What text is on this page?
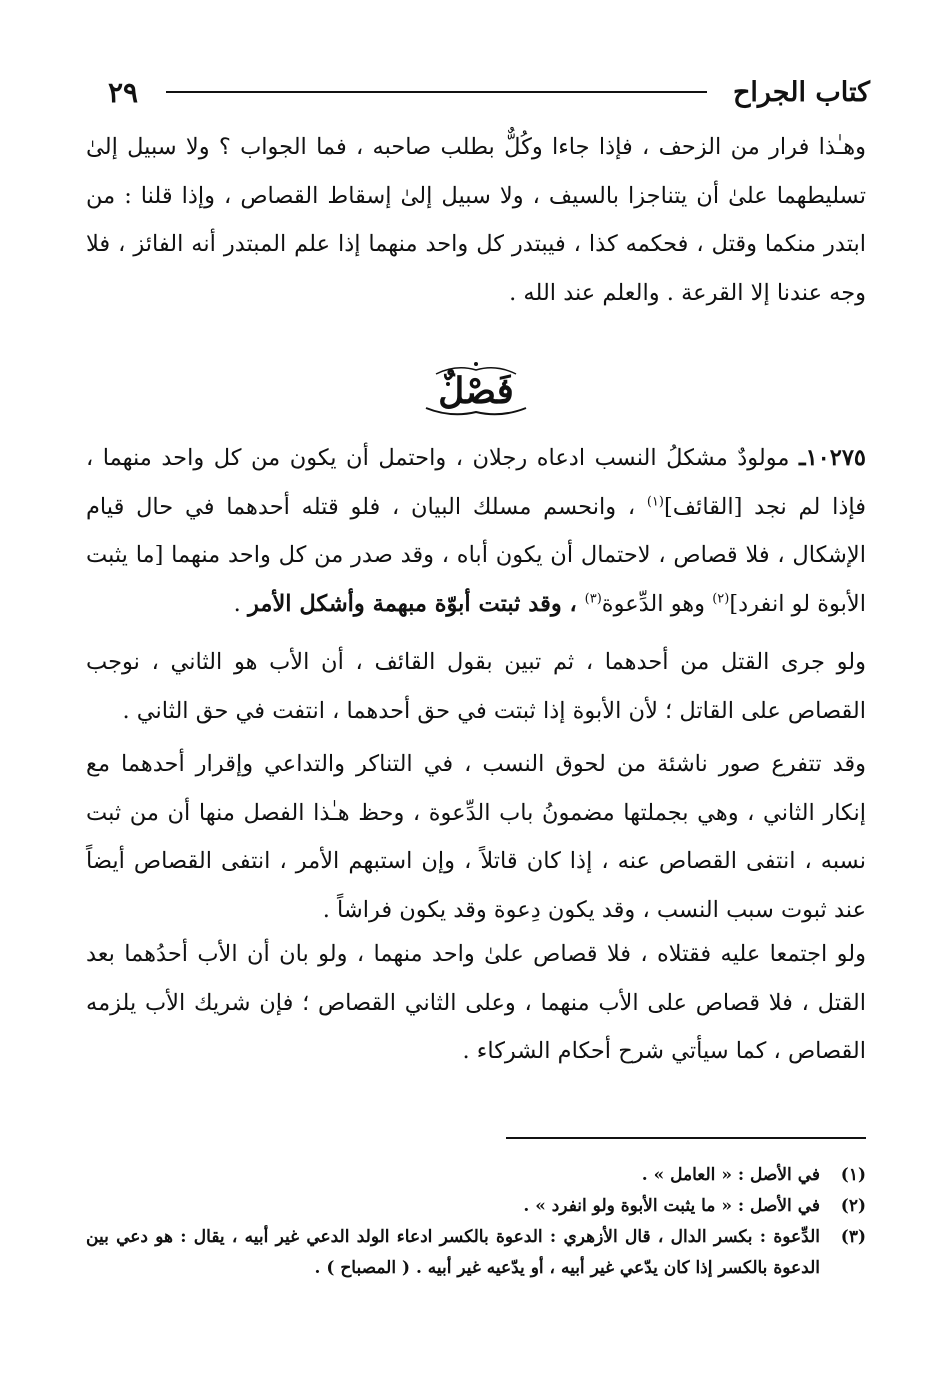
كتاب الجراح
٢٩

وهـٰذا فرار من الزحف ، فإذا جاءا وكُلٌّ بطلب صاحبه ، فما الجواب ؟ ولا سبيل إلىٰ تسليطهما علىٰ أن يتناجزا بالسيف ، ولا سبيل إلىٰ إسقاط القصاص ، وإذا قلنا : من ابتدر منكما وقتل ، فحكمه كذا ، فيبتدر كل واحد منهما إذا علم المبتدر أنه الفائز ، فلا وجه عندنا إلا القرعة . والعلم عند الله .

فَصْلٌ

١٠٢٧٥ـ مولودٌ مشكلُ النسب ادعاه رجلان ، واحتمل أن يكون من كل واحد منهما ، فإذا لم نجد [القائف]$^{(١)}$ ، وانحسم مسلك البيان ، فلو قتله أحدهما في حال قيام الإشكال ، فلا قصاص ، لاحتمال أن يكون أباه ، وقد صدر من كل واحد منهما [ما يثبت الأبوة لو انفرد]$^{(٢)}$ وهو الدِّعوة$^{(٣)}$ ، وقد ثبتت أبوّة مبهمة وأشكل الأمر .

ولو جرى القتل من أحدهما ، ثم تبين بقول القائف ، أن الأب هو الثاني ، نوجب القصاص على القاتل ؛ لأن الأبوة إذا ثبتت في حق أحدهما ، انتفت في حق الثاني .

وقد تتفرع صور ناشئة من لحوق النسب ، في التناكر والتداعي وإقرار أحدهما مع إنكار الثاني ، وهي بجملتها مضمونُ باب الدِّعوة ، وحظ هـٰذا الفصل منها أن من ثبت نسبه ، انتفى القصاص عنه ، إذا كان قاتلاً ، وإن استبهم الأمر ، انتفى القصاص أيضاً عند ثبوت سبب النسب ، وقد يكون دِعوة وقد يكون فراشاً .

ولو اجتمعا عليه فقتلاه ، فلا قصاص علىٰ واحد منهما ، ولو بان أن الأب أحدُهما بعد القتل ، فلا قصاص على الأب منهما ، وعلى الثاني القصاص ؛ فإن شريك الأب يلزمه القصاص ، كما سيأتي شرح أحكام الشركاء .

(١)
في الأصل : « العامل » .
(٢)
في الأصل : « ما يثبت الأبوة ولو انفرد » .
(٣)
الدِّعوة : بكسر الدال ، قال الأزهري : الدعوة بالكسر ادعاء الولد الدعي غير أبيه ، يقال : هو دعي بين الدعوة بالكسر إذا كان يدّعي غير أبيه ، أو يدّعيه غير أبيه . ( المصباح ) .
